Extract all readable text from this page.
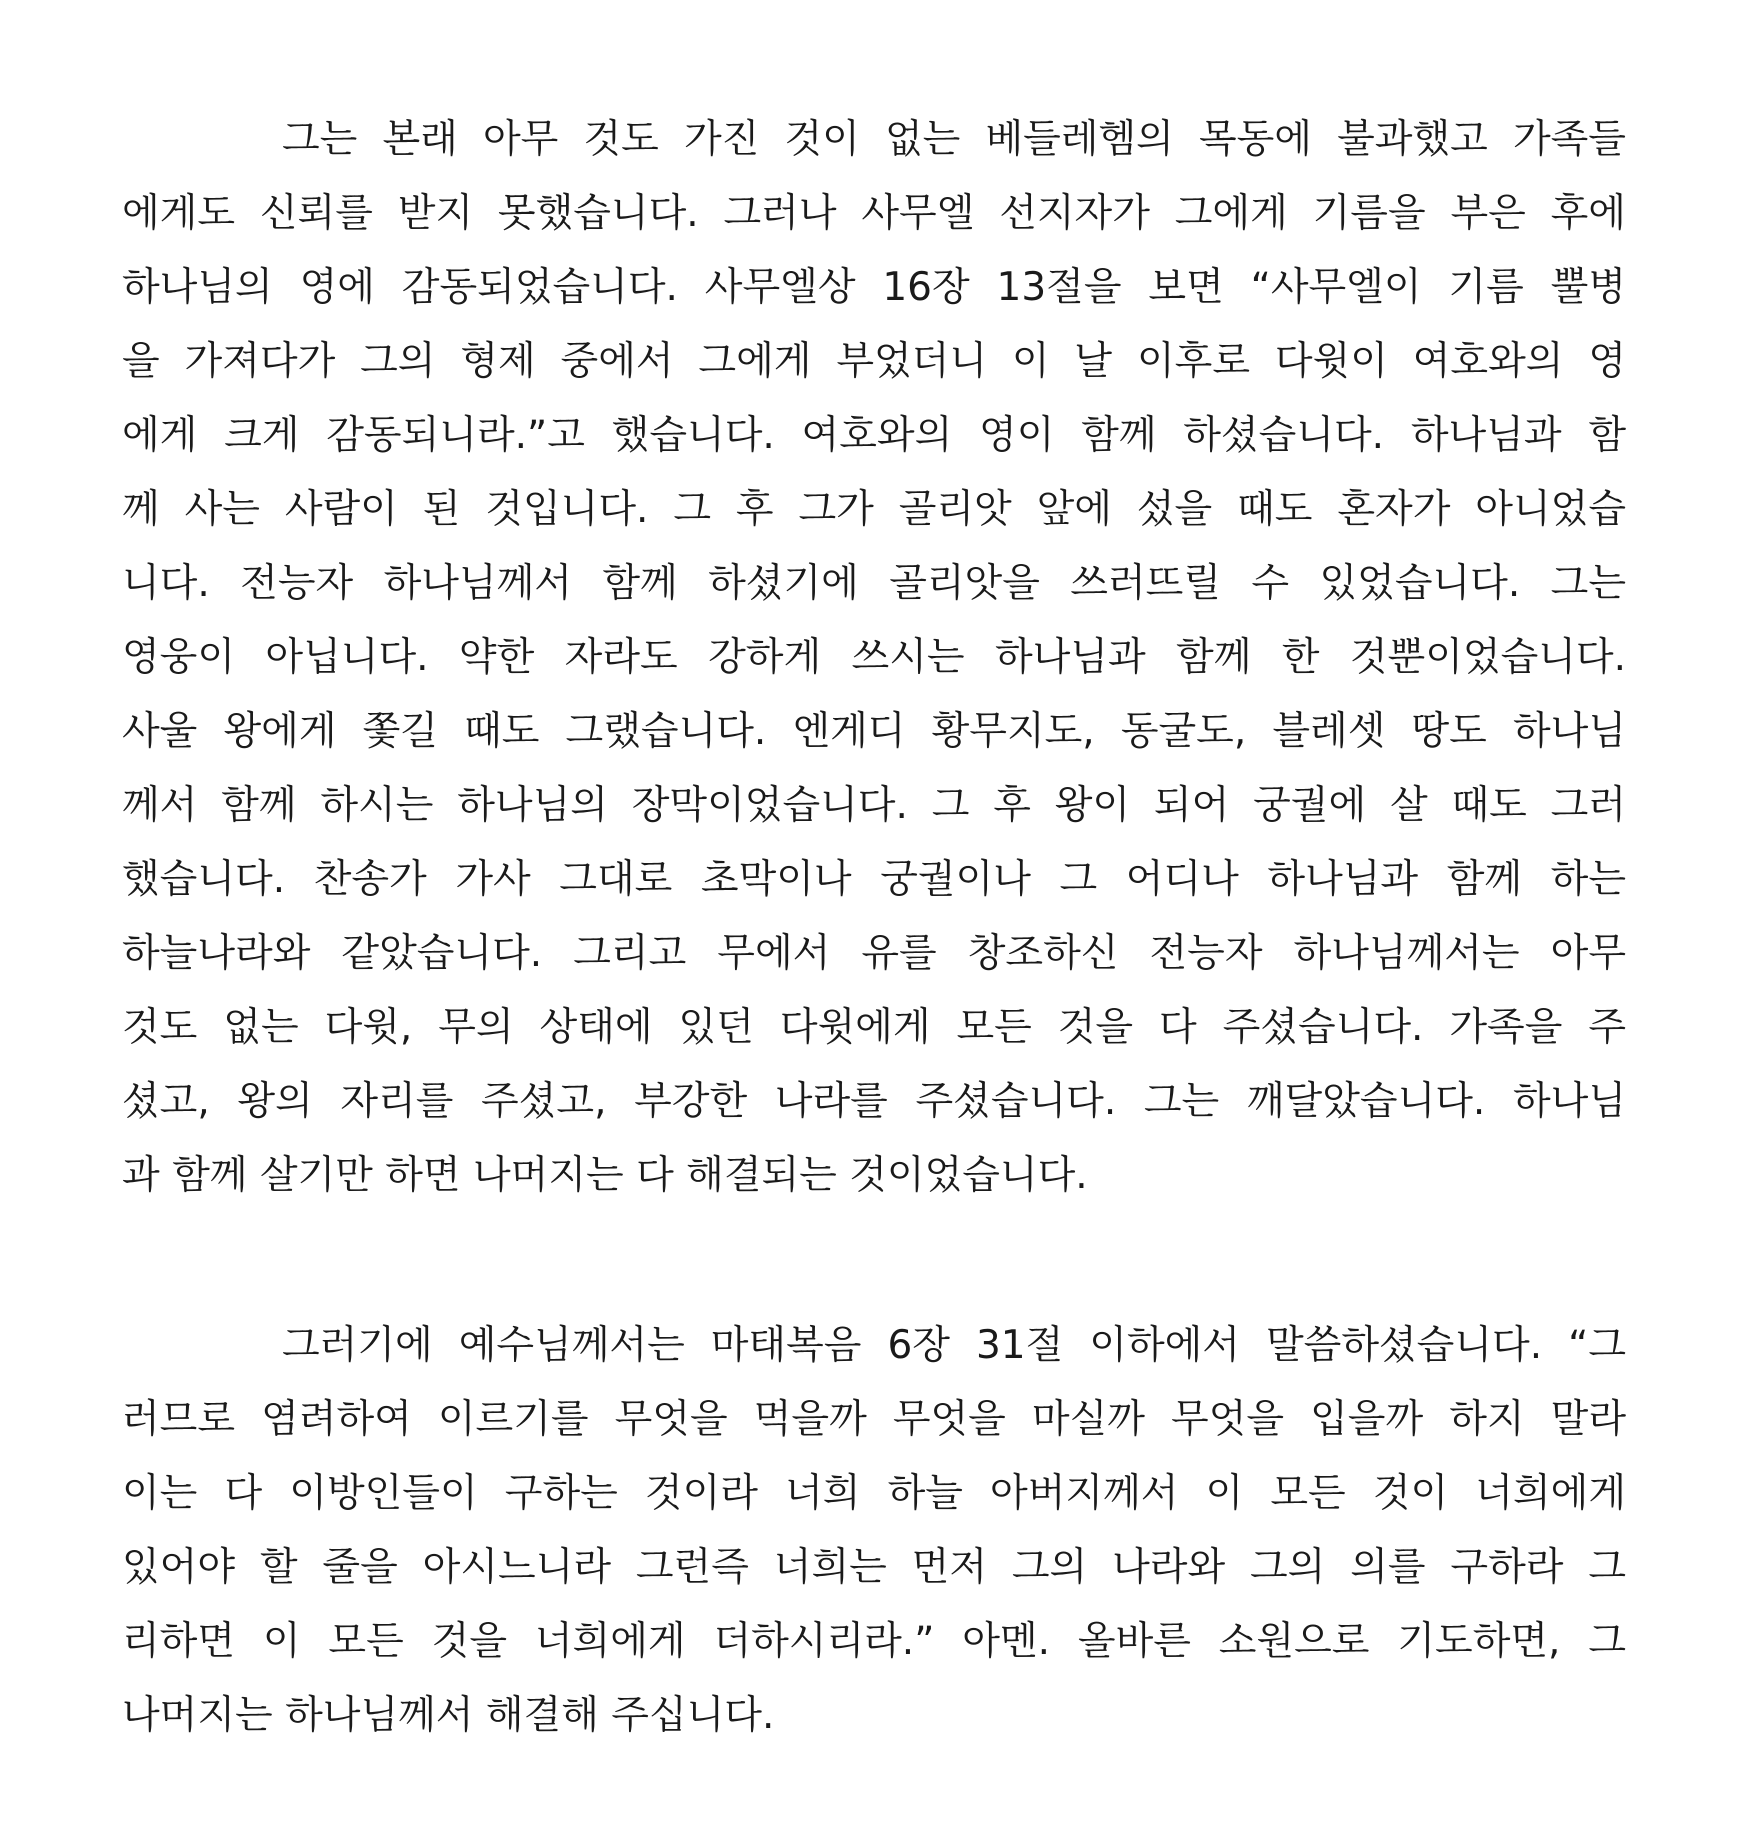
그는 본래 아무 것도 가진 것이 없는 베들레헴의 목동에 불과했고 가족들
에게도 신뢰를 받지 못했습니다. 그러나 사무엘 선지자가 그에게 기름을 부은 후에
하나님의 영에 감동되었습니다. 사무엘상 16장 13절을 보면 “사무엘이 기름 뿔병
을 가져다가 그의 형제 중에서 그에게 부었더니 이 날 이후로 다윗이 여호와의 영
에게 크게 감동되니라.”고 했습니다. 여호와의 영이 함께 하셨습니다. 하나님과 함
께 사는 사람이 된 것입니다. 그 후 그가 골리앗 앞에 섰을 때도 혼자가 아니었습
니다. 전능자 하나님께서 함께 하셨기에 골리앗을 쓰러뜨릴 수 있었습니다. 그는
영웅이 아닙니다. 약한 자라도 강하게 쓰시는 하나님과 함께 한 것뿐이었습니다.
사울 왕에게 쫓길 때도 그랬습니다. 엔게디 황무지도, 동굴도, 블레셋 땅도 하나님
께서 함께 하시는 하나님의 장막이었습니다. 그 후 왕이 되어 궁궐에 살 때도 그러
했습니다. 찬송가 가사 그대로 초막이나 궁궐이나 그 어디나 하나님과 함께 하는
하늘나라와 같았습니다. 그리고 무에서 유를 창조하신 전능자 하나님께서는 아무
것도 없는 다윗, 무의 상태에 있던 다윗에게 모든 것을 다 주셨습니다. 가족을 주
셨고, 왕의 자리를 주셨고, 부강한 나라를 주셨습니다. 그는 깨달았습니다. 하나님
과 함께 살기만 하면 나머지는 다 해결되는 것이었습니다.
그러기에 예수님께서는 마태복음 6장 31절 이하에서 말씀하셨습니다. “그
러므로 염려하여 이르기를 무엇을 먹을까 무엇을 마실까 무엇을 입을까 하지 말라
이는 다 이방인들이 구하는 것이라 너희 하늘 아버지께서 이 모든 것이 너희에게
있어야 할 줄을 아시느니라 그런즉 너희는 먼저 그의 나라와 그의 의를 구하라 그
리하면 이 모든 것을 너희에게 더하시리라.” 아멘. 올바른 소원으로 기도하면, 그
나머지는 하나님께서 해결해 주십니다.
